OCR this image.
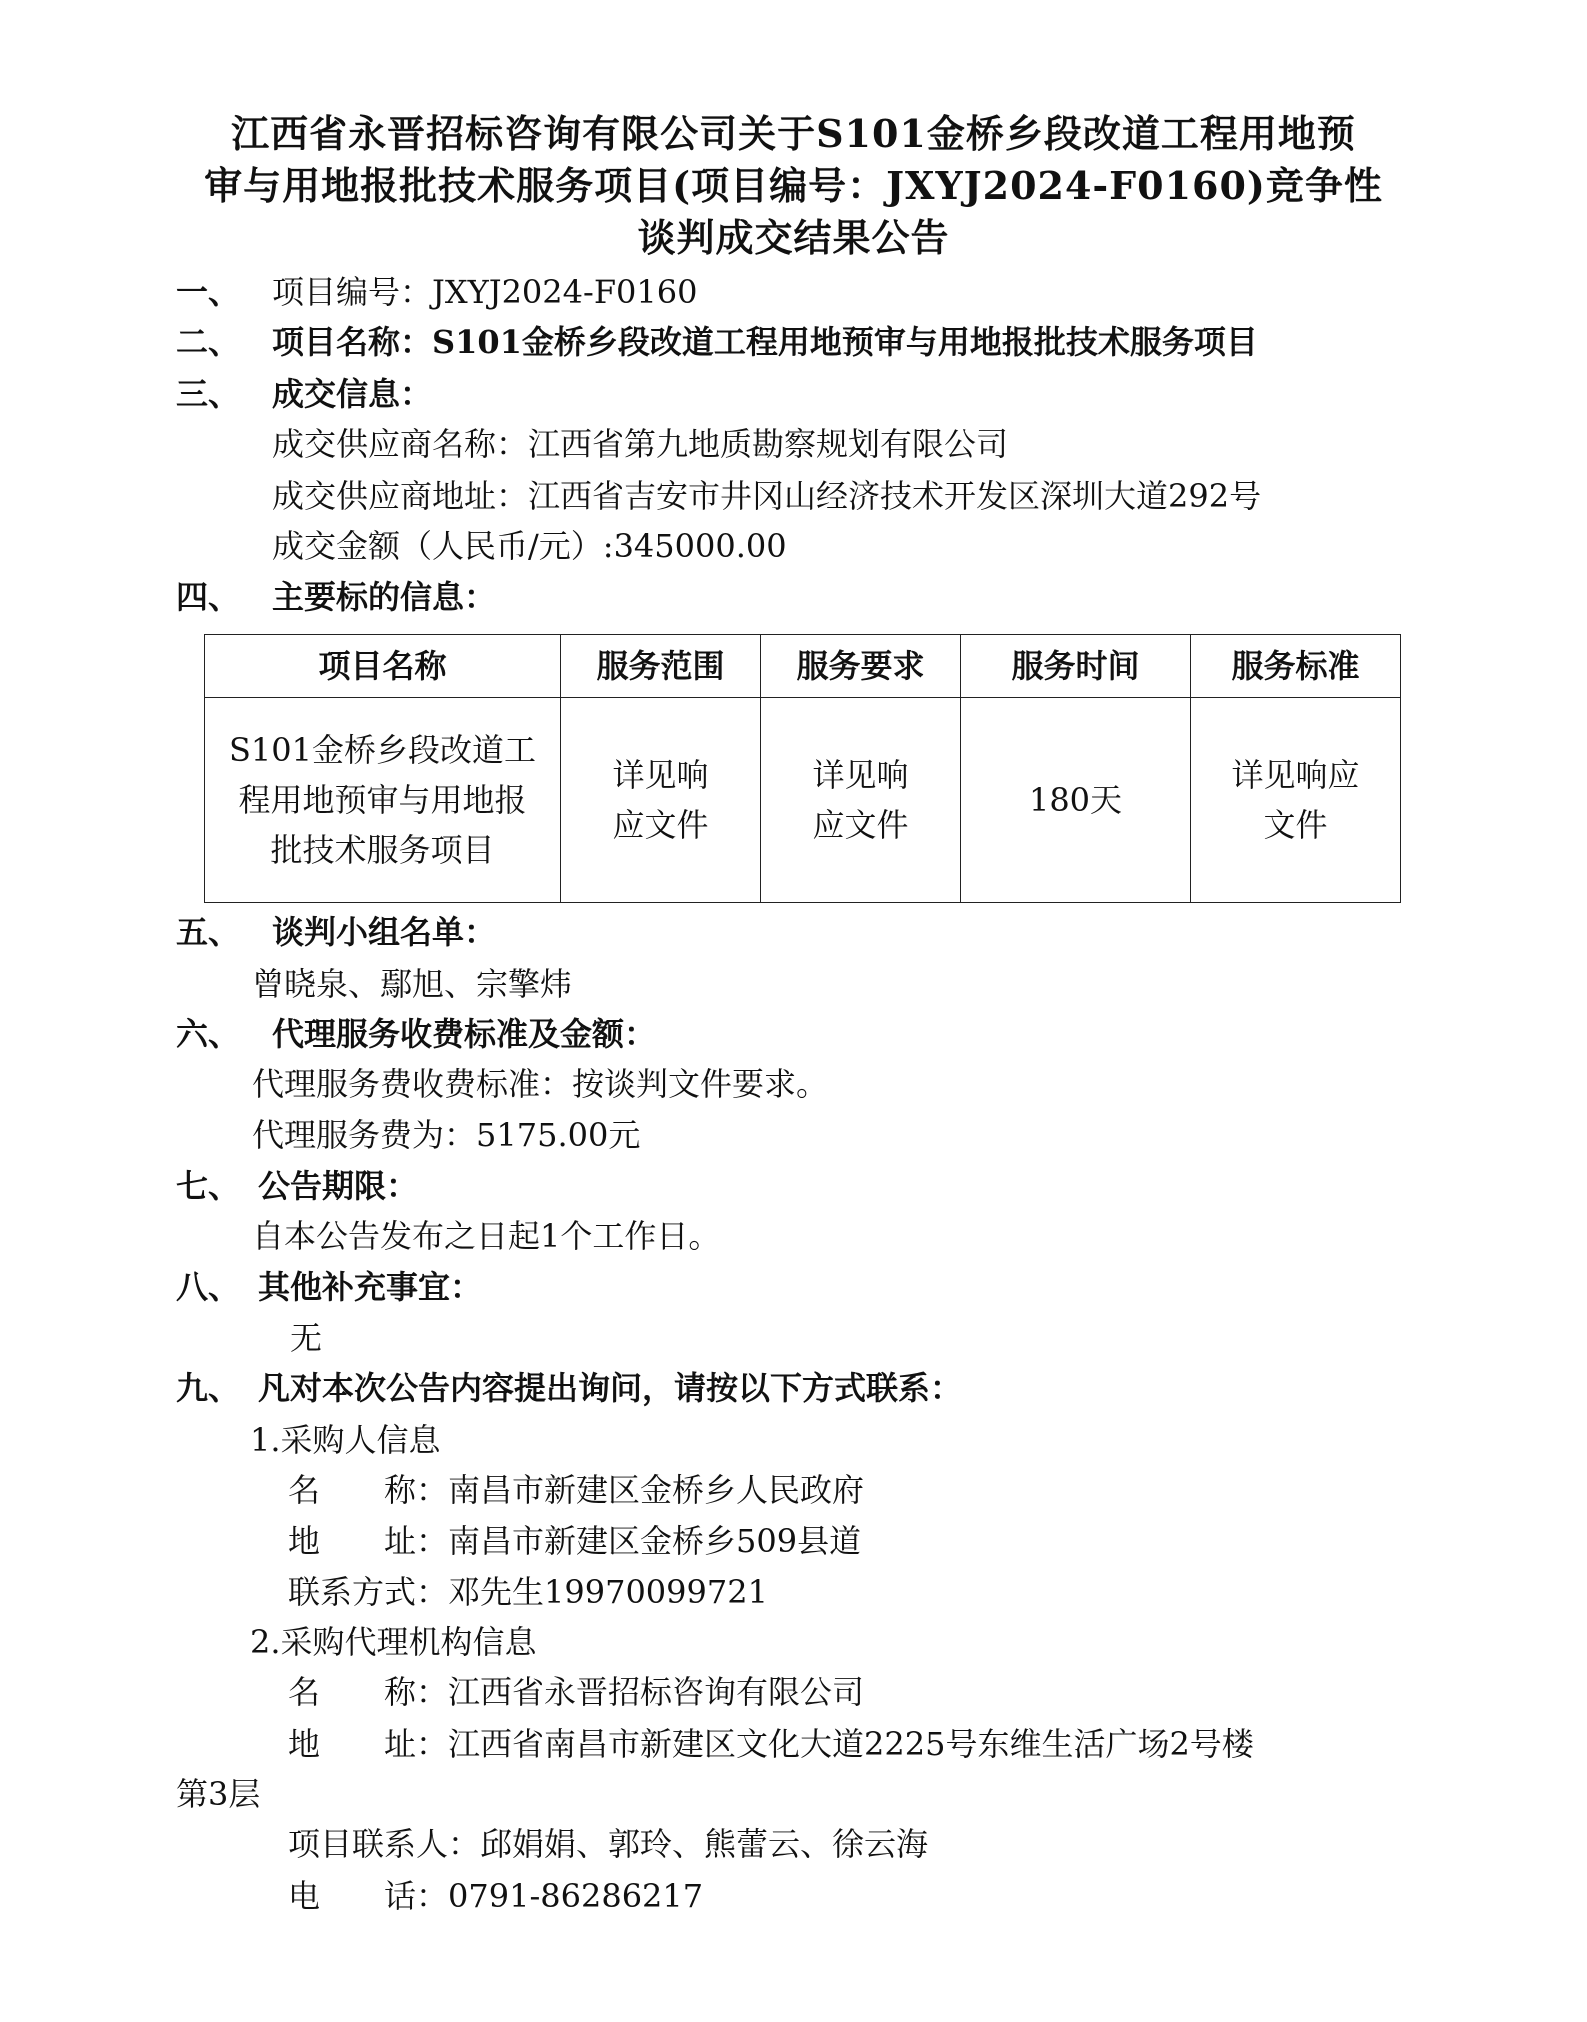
江西省永晋招标咨询有限公司关于S101金桥乡段改道工程用地预
审与用地报批技术服务项目(项目编号：JXYJ2024-F0160)竞争性
谈判成交结果公告
一、 项目编号：JXYJ2024-F0160
二、 项目名称：S101金桥乡段改道工程用地预审与用地报批技术服务项目
三、 成交信息：
成交供应商名称：江西省第九地质勘察规划有限公司
成交供应商地址：江西省吉安市井冈山经济技术开发区深圳大道292号
成交金额（人民币/元）:345000.00
四、 主要标的信息：
项目名称	服务范围	服务要求	服务时间	服务标准
S101金桥乡段改道工程用地预审与用地报批技术服务项目	详见响应文件	详见响应文件	180天	详见响应文件
五、 谈判小组名单：
曾晓泉、鄢旭、宗擎炜
六、 代理服务收费标准及金额：
代理服务费收费标准：按谈判文件要求。
代理服务费为：5175.00元
七、 公告期限：
自本公告发布之日起1个工作日。
八、 其他补充事宜：
无
九、 凡对本次公告内容提出询问，请按以下方式联系：
1.采购人信息
名　　称：南昌市新建区金桥乡人民政府
地　　址：南昌市新建区金桥乡509县道
联系方式：邓先生19970099721
2.采购代理机构信息
名　　称：江西省永晋招标咨询有限公司
地　　址：江西省南昌市新建区文化大道2225号东维生活广场2号楼
第3层
项目联系人：邱娟娟、郭玲、熊蕾云、徐云海
电　　话：0791-86286217
